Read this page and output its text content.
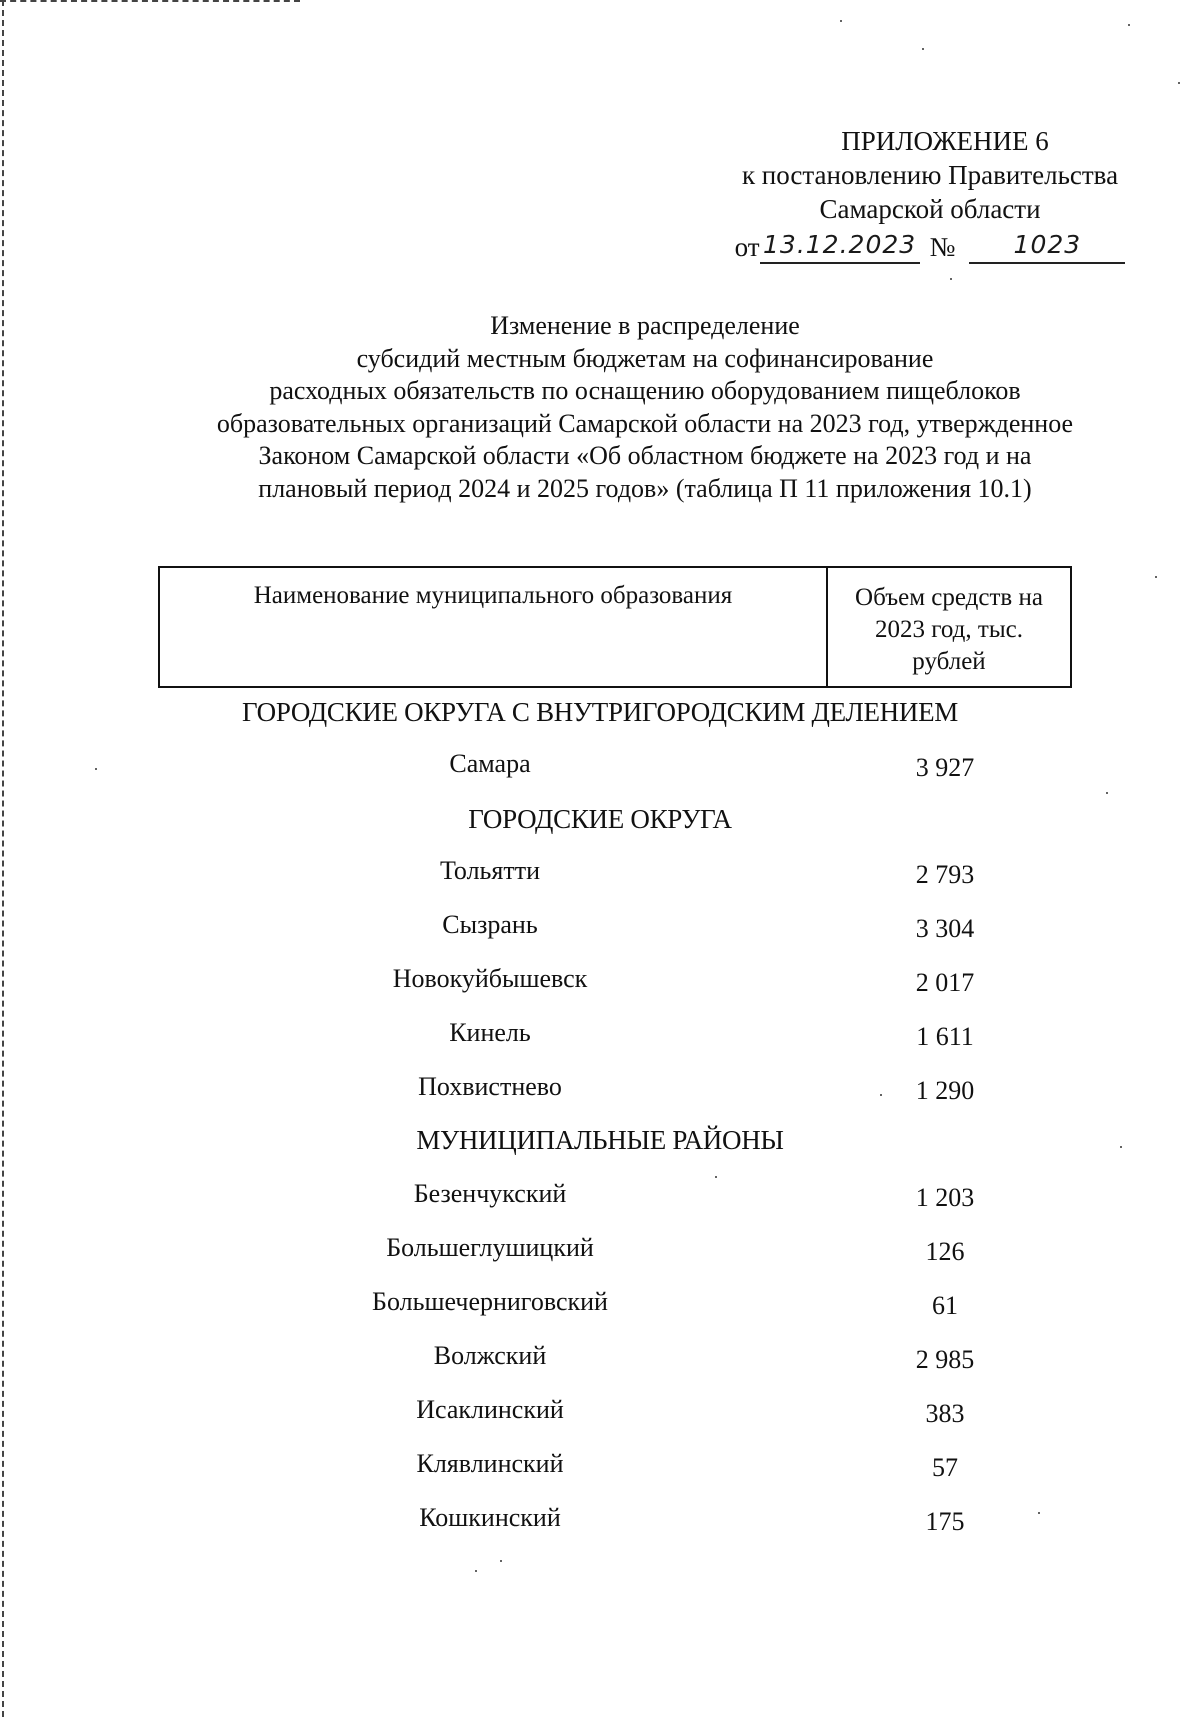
ПРИЛОЖЕНИЕ 6
к постановлению Правительства
Самарской области
от 13.12.2023 №	1023
Изменение в распределение
субсидий местным бюджетам на софинансирование
расходных обязательств по оснащению оборудованием пищеблоков
образовательных организаций Самарской области на 2023 год, утвержденное
Законом Самарской области «Об областном бюджете на 2023 год и на
плановый период 2024 и 2025 годов» (таблица П 11 приложения 10.1)
Наименование муниципального образования	Объем средств на
2023 год, тыс.
рублей
ГОРОДСКИЕ ОКРУГА С ВНУТРИГОРОДСКИМ ДЕЛЕНИЕМ
Самара	3 927
ГОРОДСКИЕ ОКРУГА
Тольятти	2 793
Сызрань	3 304
Новокуйбышевск	2 017
Кинель	1 611
Похвистнево	1 290
МУНИЦИПАЛЬНЫЕ РАЙОНЫ
Безенчукский	1 203
Большеглушицкий	126
Большечерниговский	61
Волжский	2 985
Исаклинский	383
Клявлинский	57
Кошкинский	175
